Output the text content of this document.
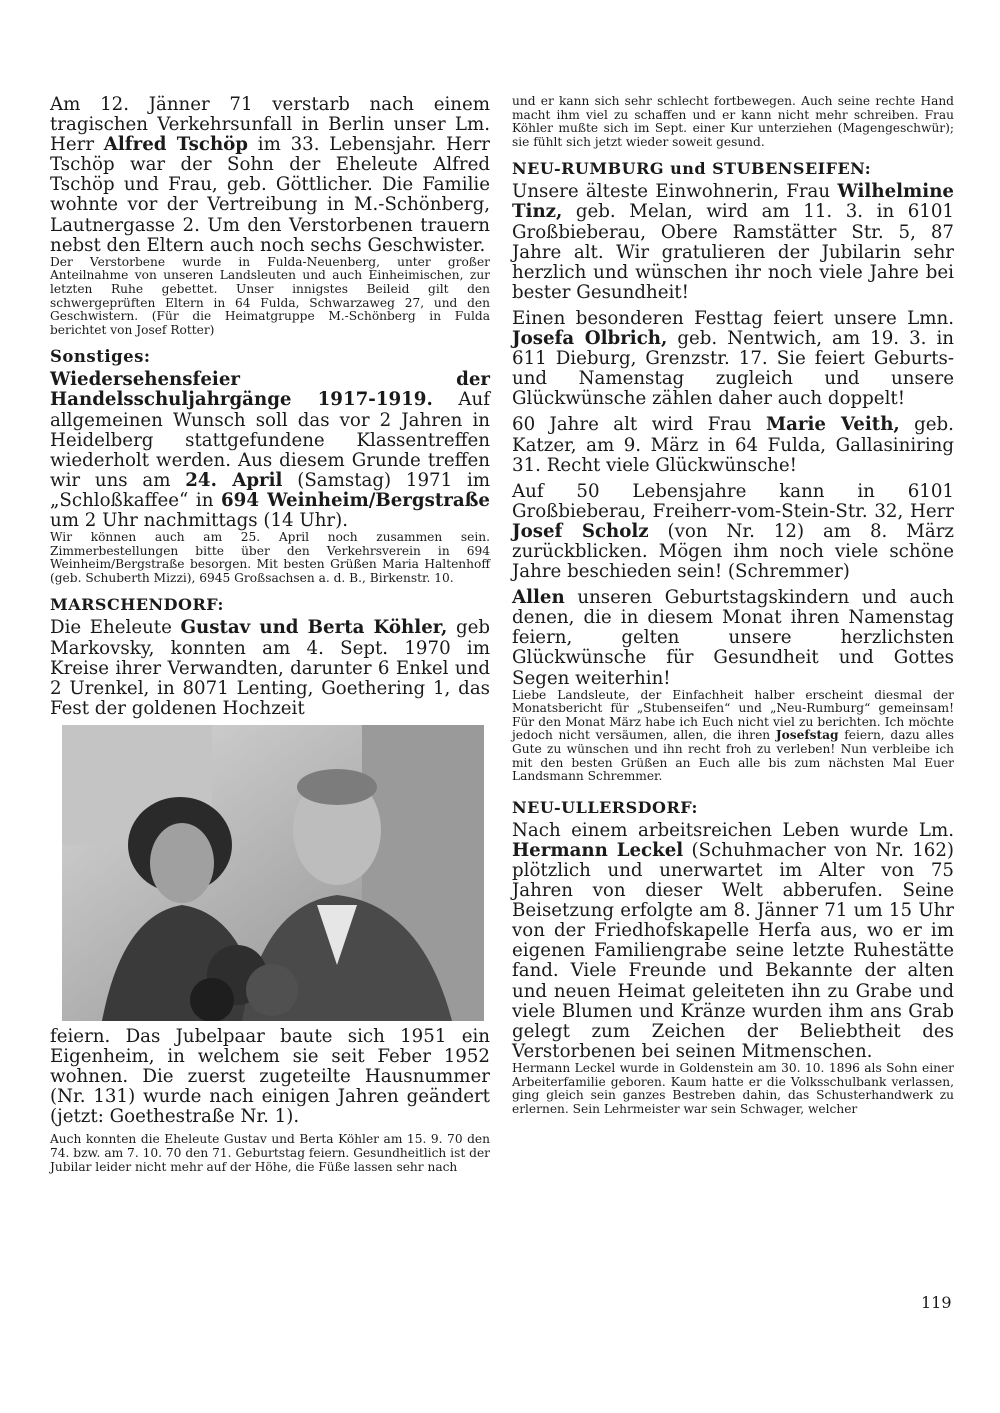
Am 12. Jänner 71 verstarb nach einem tragischen Verkehrsunfall in Berlin unser Lm. Herr Alfred Tschöp im 33. Lebensjahr. Herr Tschöp war der Sohn der Eheleute Alfred Tschöp und Frau, geb. Göttlicher. Die Familie wohnte vor der Vertreibung in M.-Schönberg, Lautnergasse 2. Um den Verstorbenen trauern nebst den Eltern auch noch sechs Geschwister.

Der Verstorbene wurde in Fulda-Neuenberg, unter großer Anteilnahme von unseren Landsleuten und auch Einheimischen, zur letzten Ruhe gebettet. Unser innigstes Beileid gilt den schwergeprüften Eltern in 64 Fulda, Schwarzaweg 27, und den Geschwistern. (Für die Heimatgruppe M.-Schönberg in Fulda berichtet von Josef Rotter)

Sonstiges:

Wiedersehensfeier der Handelsschuljahrgänge 1917-1919. Auf allgemeinen Wunsch soll das vor 2 Jahren in Heidelberg stattgefundene Klassentreffen wiederholt werden. Aus diesem Grunde treffen wir uns am 24. April (Samstag) 1971 im „Schloßkaffee“ in 694 Weinheim/Bergstraße um 2 Uhr nachmittags (14 Uhr).

Wir können auch am 25. April noch zusammen sein. Zimmerbestellungen bitte über den Verkehrsverein in 694 Weinheim/Bergstraße besorgen. Mit besten Grüßen Maria Haltenhoff (geb. Schuberth Mizzi), 6945 Großsachsen a. d. B., Birkenstr. 10.

MARSCHENDORF:

Die Eheleute Gustav und Berta Köhler, geb Markovsky, konnten am 4. Sept. 1970 im Kreise ihrer Verwandten, darunter 6 Enkel und 2 Urenkel, in 8071 Lenting, Goethering 1, das Fest der goldenen Hochzeit

feiern. Das Jubelpaar baute sich 1951 ein Eigenheim, in welchem sie seit Feber 1952 wohnen. Die zuerst zugeteilte Hausnummer (Nr. 131) wurde nach einigen Jahren geändert (jetzt: Goethestraße Nr. 1).

Auch konnten die Eheleute Gustav und Berta Köhler am 15. 9. 70 den 74. bzw. am 7. 10. 70 den 71. Geburtstag feiern. Gesundheitlich ist der Jubilar leider nicht mehr auf der Höhe, die Füße lassen sehr nach

und er kann sich sehr schlecht fortbewegen. Auch seine rechte Hand macht ihm viel zu schaffen und er kann nicht mehr schreiben. Frau Köhler mußte sich im Sept. einer Kur unterziehen (Magengeschwür); sie fühlt sich jetzt wieder soweit gesund.

NEU-RUMBURG und STUBENSEIFEN:

Unsere älteste Einwohnerin, Frau Wilhelmine Tinz, geb. Melan, wird am 11. 3. in 6101 Großbieberau, Obere Ramstätter Str. 5, 87 Jahre alt. Wir gratulieren der Jubilarin sehr herzlich und wünschen ihr noch viele Jahre bei bester Gesundheit!

Einen besonderen Festtag feiert unsere Lmn. Josefa Olbrich, geb. Nentwich, am 19. 3. in 611 Dieburg, Grenzstr. 17. Sie feiert Geburts- und Namenstag zugleich und unsere Glückwünsche zählen daher auch doppelt!

60 Jahre alt wird Frau Marie Veith, geb. Katzer, am 9. März in 64 Fulda, Gallasiniring 31. Recht viele Glückwünsche!

Auf 50 Lebensjahre kann in 6101 Großbieberau, Freiherr-vom-Stein-Str. 32, Herr Josef Scholz (von Nr. 12) am 8. März zurückblicken. Mögen ihm noch viele schöne Jahre beschieden sein! (Schremmer)

Allen unseren Geburtstagskindern und auch denen, die in diesem Monat ihren Namenstag feiern, gelten unsere herzlichsten Glückwünsche für Gesundheit und Gottes Segen weiterhin!

Liebe Landsleute, der Einfachheit halber erscheint diesmal der Monatsbericht für „Stubenseifen“ und „Neu-Rumburg“ gemeinsam! Für den Monat März habe ich Euch nicht viel zu berichten. Ich möchte jedoch nicht versäumen, allen, die ihren Josefstag feiern, dazu alles Gute zu wünschen und ihn recht froh zu verleben! Nun verbleibe ich mit den besten Grüßen an Euch alle bis zum nächsten Mal Euer Landsmann Schremmer.

NEU-ULLERSDORF:

Nach einem arbeitsreichen Leben wurde Lm. Hermann Leckel (Schuhmacher von Nr. 162) plötzlich und unerwartet im Alter von 75 Jahren von dieser Welt abberufen. Seine Beisetzung erfolgte am 8. Jänner 71 um 15 Uhr von der Friedhofskapelle Herfa aus, wo er im eigenen Familiengrabe seine letzte Ruhestätte fand. Viele Freunde und Bekannte der alten und neuen Heimat geleiteten ihn zu Grabe und viele Blumen und Kränze wurden ihm ans Grab gelegt zum Zeichen der Beliebtheit des Verstorbenen bei seinen Mitmenschen.

Hermann Leckel wurde in Goldenstein am 30. 10. 1896 als Sohn einer Arbeiterfamilie geboren. Kaum hatte er die Volksschulbank verlassen, ging gleich sein ganzes Bestreben dahin, das Schusterhandwerk zu erlernen. Sein Lehrmeister war sein Schwager, welcher

119
